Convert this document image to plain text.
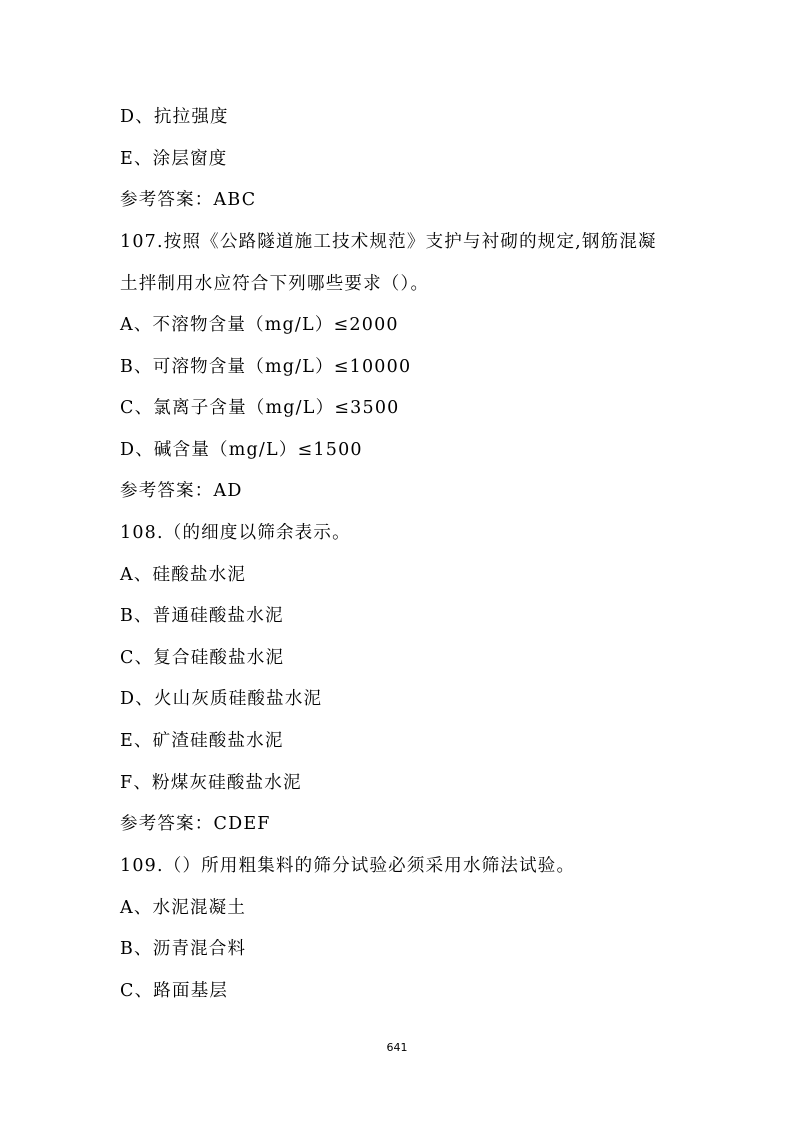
D、抗拉强度
E、涂层窗度
参考答案：ABC
107.按照《公路隧道施工技术规范》支护与衬砌的规定,钢筋混凝
土拌制用水应符合下列哪些要求（）。
A、不溶物含量（mg/L）≤2000
B、可溶物含量（mg/L）≤10000
C、氯离子含量（mg/L）≤3500
D、碱含量（mg/L）≤1500
参考答案：AD
108.（的细度以筛余表示。
A、硅酸盐水泥
B、普通硅酸盐水泥
C、复合硅酸盐水泥
D、火山灰质硅酸盐水泥
E、矿渣硅酸盐水泥
F、粉煤灰硅酸盐水泥
参考答案：CDEF
109.（）所用粗集料的筛分试验必须采用水筛法试验。
A、水泥混凝土
B、沥青混合料
C、路面基层
641
